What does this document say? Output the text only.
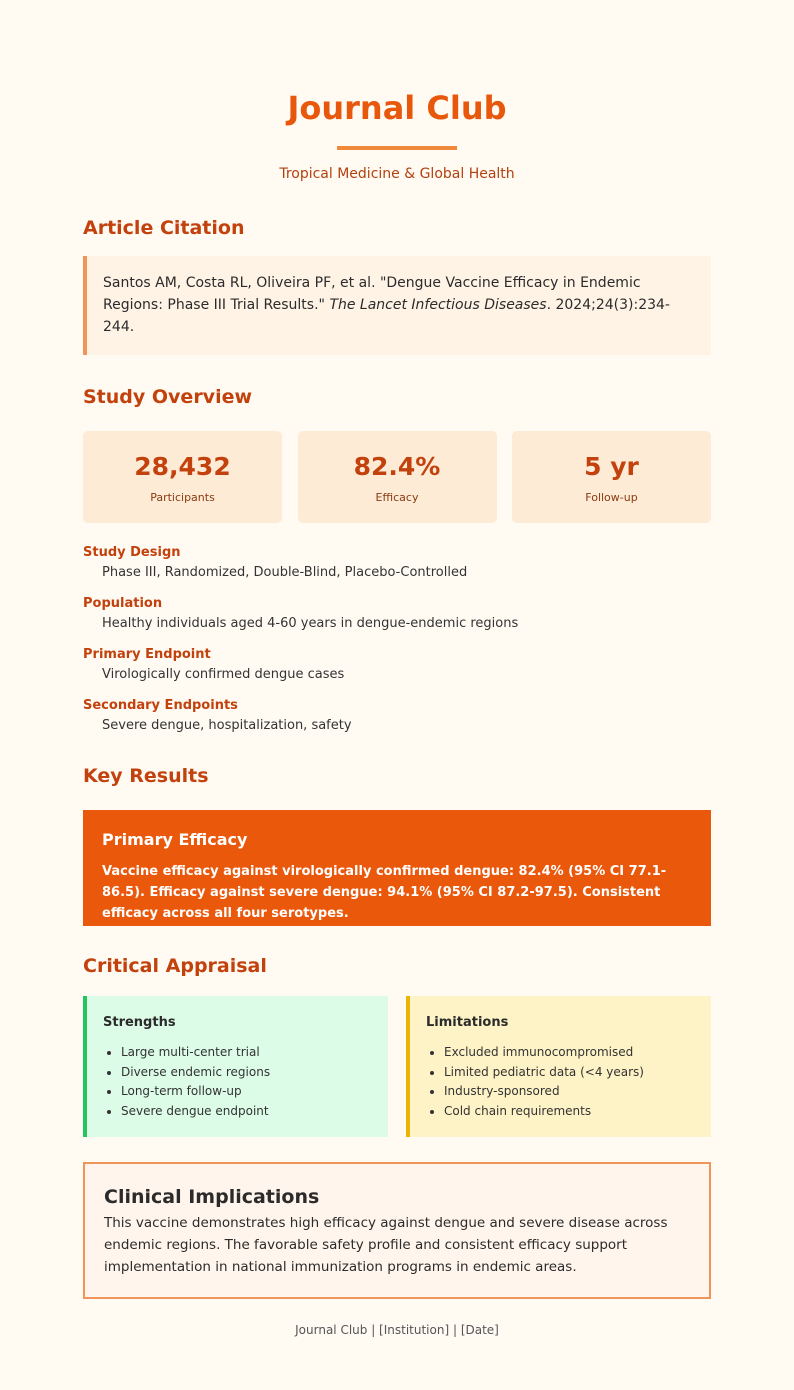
Journal Club
Tropical Medicine & Global Health
Article Citation
Santos AM, Costa RL, Oliveira PF, et al. "Dengue Vaccine Efficacy in Endemic Regions: Phase III Trial Results." The Lancet Infectious Diseases. 2024;24(3):234-244.
Study Overview
28,432
Participants
82.4%
Efficacy
5 yr
Follow-up
Study Design
Phase III, Randomized, Double-Blind, Placebo-Controlled
Population
Healthy individuals aged 4-60 years in dengue-endemic regions
Primary Endpoint
Virologically confirmed dengue cases
Secondary Endpoints
Severe dengue, hospitalization, safety
Key Results
Primary Efficacy
Vaccine efficacy against virologically confirmed dengue: 82.4% (95% CI 77.1-86.5). Efficacy against severe dengue: 94.1% (95% CI 87.2-97.5). Consistent efficacy across all four serotypes.
Critical Appraisal
Strengths
• Large multi-center trial
• Diverse endemic regions
• Long-term follow-up
• Severe dengue endpoint
Limitations
• Excluded immunocompromised
• Limited pediatric data (<4 years)
• Industry-sponsored
• Cold chain requirements
Clinical Implications
This vaccine demonstrates high efficacy against dengue and severe disease across endemic regions. The favorable safety profile and consistent efficacy support implementation in national immunization programs in endemic areas.
Journal Club | [Institution] | [Date]
